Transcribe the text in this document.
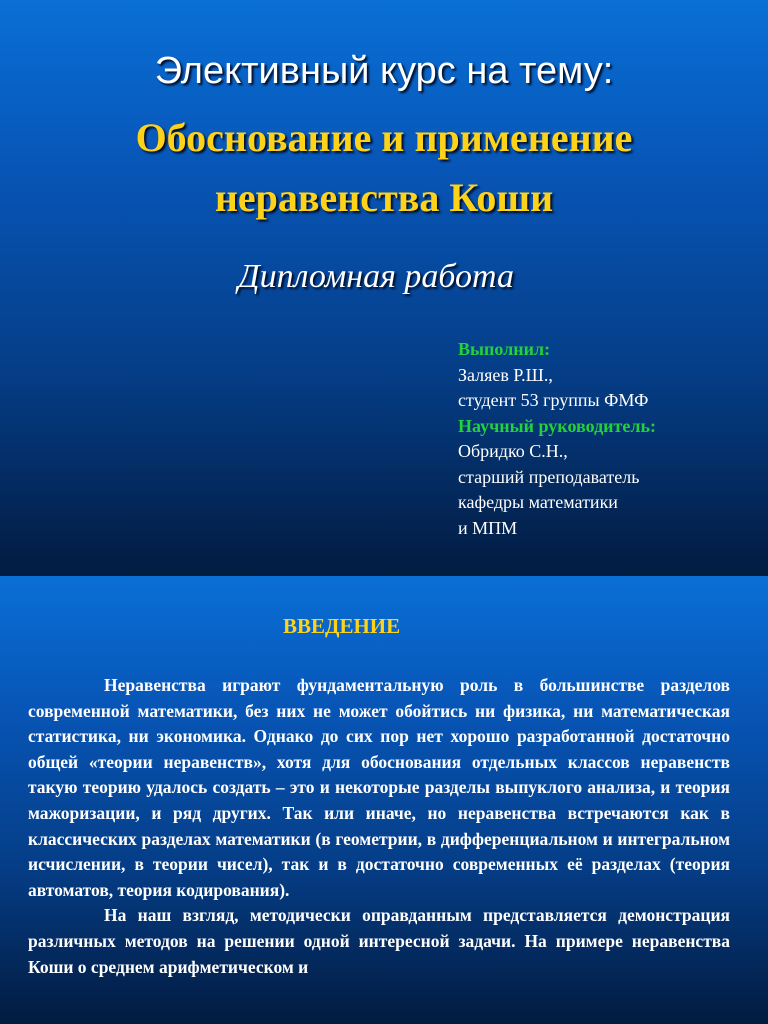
Элективный курс на тему:
Обоснование и применение
неравенства Коши
Дипломная работа
Выполнил:
Заляев Р.Ш.,
студент 53 группы ФМФ
Научный руководитель:
Обридко С.Н.,
старший преподаватель
кафедры математики
и МПМ
ВВЕДЕНИЕ

Неравенства играют фундаментальную роль в большинстве разделов современной математики, без них не может обойтись ни физика, ни математическая статистика, ни экономика. Однако до сих пор нет хорошо разработанной достаточно общей «теории неравенств», хотя для обоснования отдельных классов неравенств такую теорию удалось создать – это и некоторые разделы выпуклого анализа, и теория мажоризации, и ряд других. Так или иначе, но неравенства встречаются как в классических разделах математики (в геометрии, в дифференциальном и интегральном исчислении, в теории чисел), так и в достаточно современных её разделах (теория автоматов, теория кодирования).

На наш взгляд, методически оправданным представляется демонстрация различных методов на решении одной интересной задачи. На примере неравенства Коши о среднем арифметическом и
